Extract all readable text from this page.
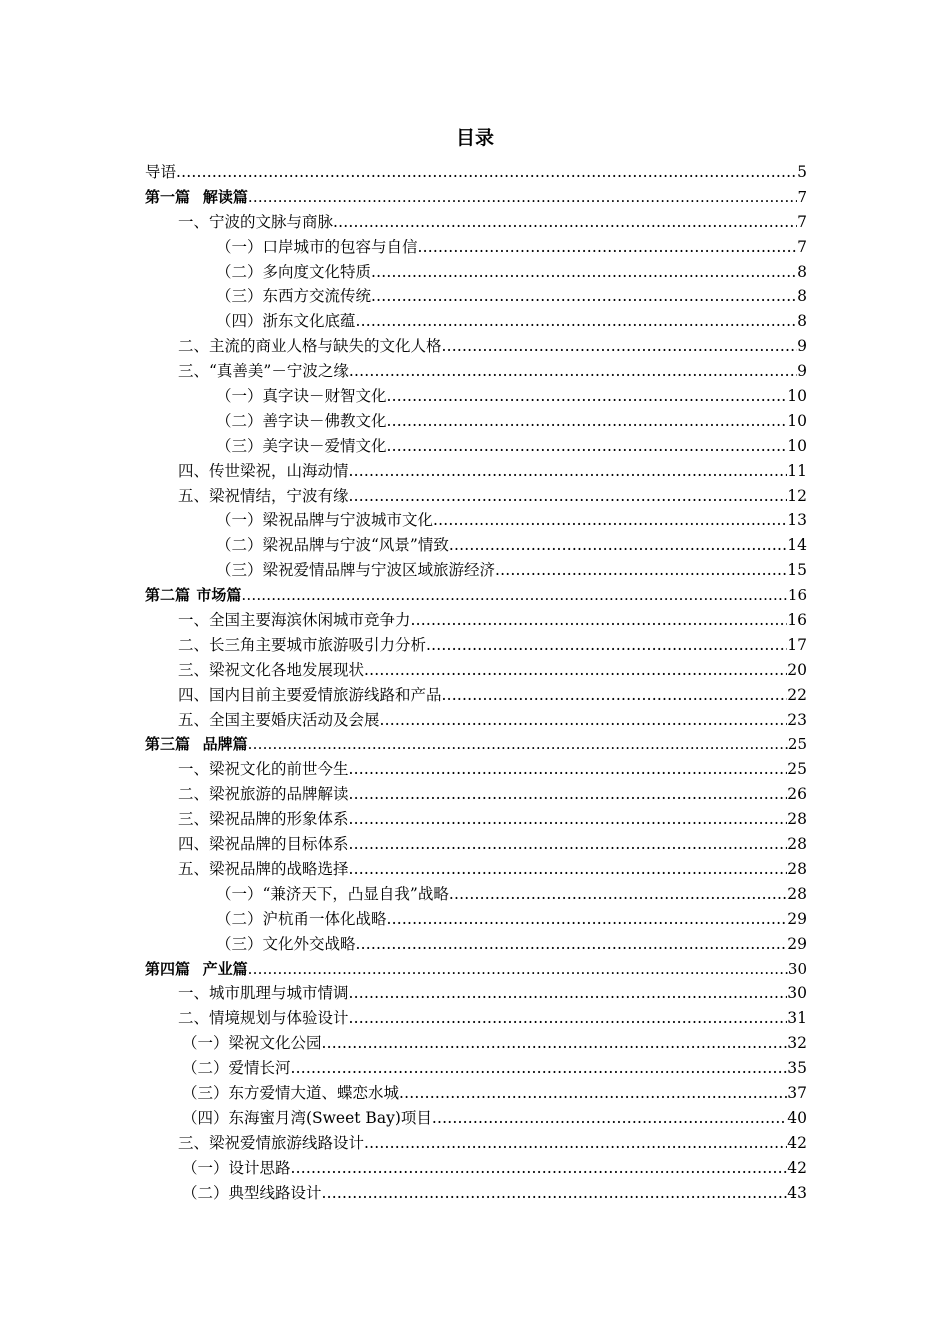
目录
导语 .....	5
第一篇 解读篇 .....	7
一、宁波的文脉与商脉 .....	7
（一）口岸城市的包容与自信 .....	7
（二）多向度文化特质 .....	8
（三）东西方交流传统 .....	8
（四）浙东文化底蕴 .....	8
二、主流的商业人格与缺失的文化人格 .....	9
三、“真善美”－宁波之缘 .....	9
（一）真字诀－财智文化 .....	10
（二）善字诀－佛教文化 .....	10
（三）美字诀－爱情文化 .....	10
四、传世梁祝，山海动情 .....	11
五、梁祝情结，宁波有缘 .....	12
（一）梁祝品牌与宁波城市文化 .....	13
（二）梁祝品牌与宁波“风景”情致 .....	14
（三）梁祝爱情品牌与宁波区域旅游经济 .....	15
第二篇 市场篇 .....	16
一、全国主要海滨休闲城市竞争力 .....	16
二、长三角主要城市旅游吸引力分析 .....	17
三、梁祝文化各地发展现状 .....	20
四、国内目前主要爱情旅游线路和产品 .....	22
五、全国主要婚庆活动及会展 .....	23
第三篇 品牌篇 .....	25
一、梁祝文化的前世今生 .....	25
二、梁祝旅游的品牌解读 .....	26
三、梁祝品牌的形象体系 .....	28
四、梁祝品牌的目标体系 .....	28
五、梁祝品牌的战略选择 .....	28
（一）“兼济天下，凸显自我”战略 .....	28
（二）沪杭甬一体化战略 .....	29
（三）文化外交战略 .....	29
第四篇 产业篇 .....	30
一、城市肌理与城市情调 .....	30
二、情境规划与体验设计 .....	31
（一）梁祝文化公园 .....	32
（二）爱情长河 .....	35
（三）东方爱情大道、蝶恋水城 .....	37
（四）东海蜜月湾(Sweet Bay)项目 .....	40
三、梁祝爱情旅游线路设计 .....	42
（一）设计思路 .....	42
（二）典型线路设计 .....	43
